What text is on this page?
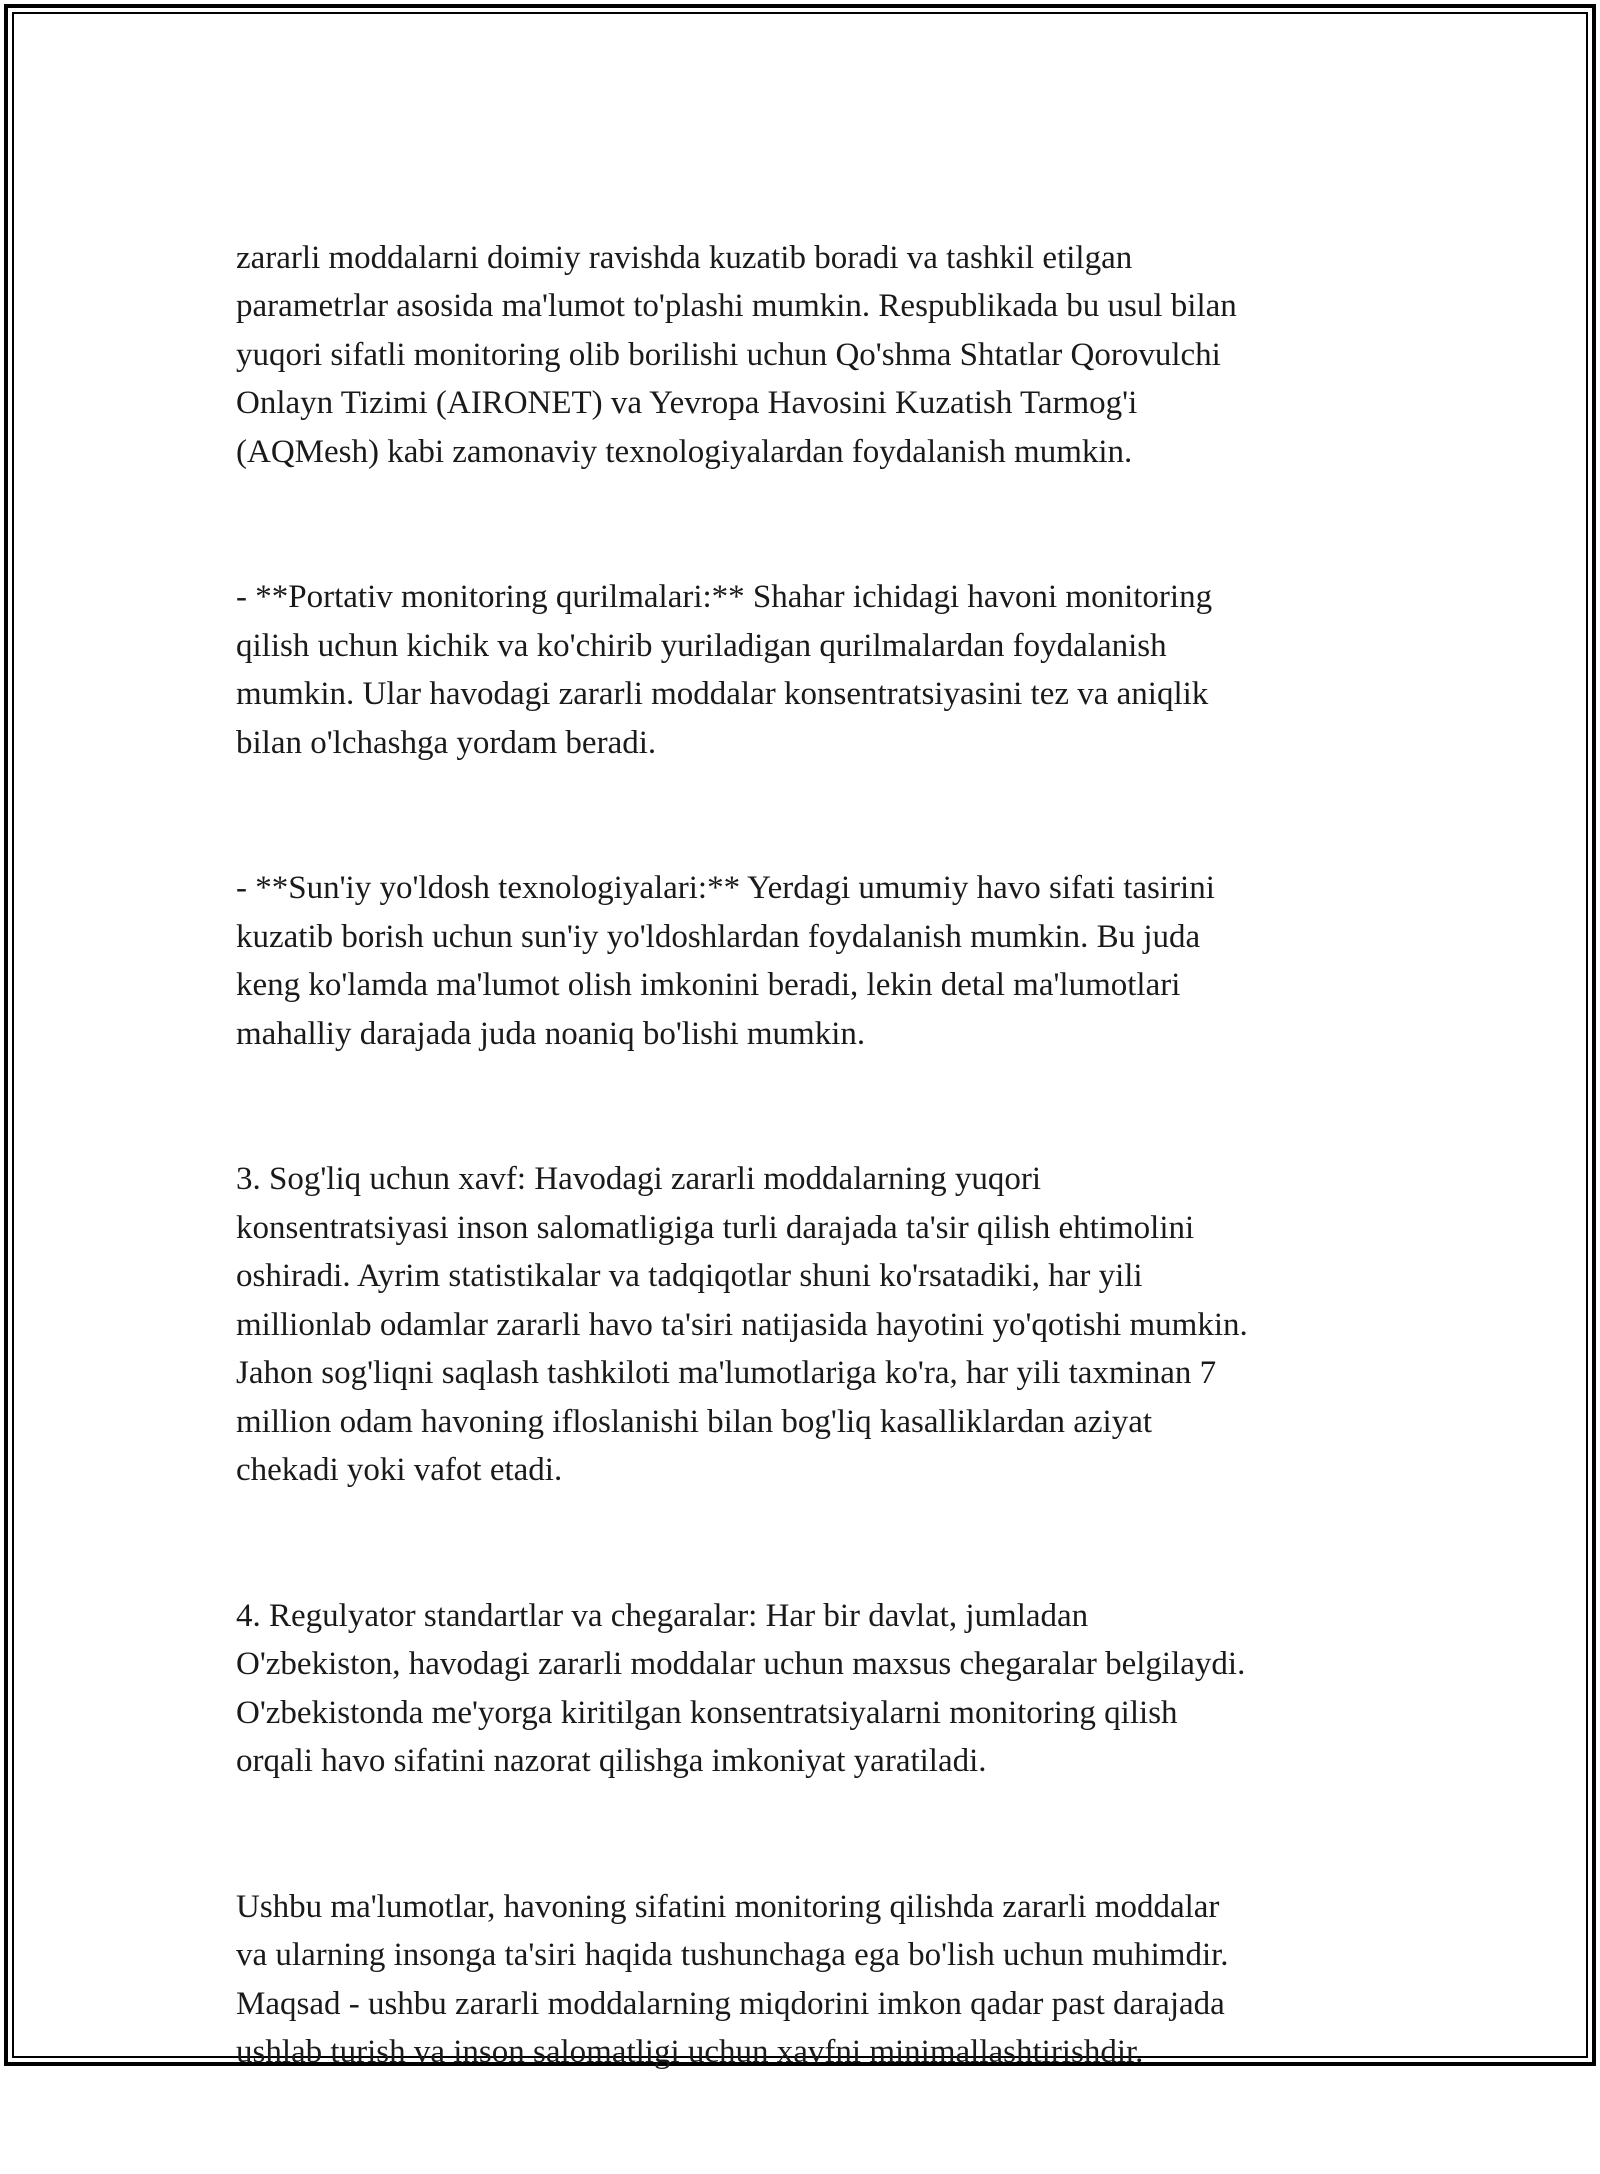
zararli moddalarni doimiy ravishda kuzatib boradi va tashkil etilgan
parametrlar asosida ma'lumot to'plashi mumkin. Respublikada bu usul bilan
yuqori sifatli monitoring olib borilishi uchun Qo'shma Shtatlar Qorovulchi
Onlayn Tizimi (AIRONET) va Yevropa Havosini Kuzatish Tarmog'i
(AQMesh) kabi zamonaviy texnologiyalardan foydalanish mumkin.

- **Portativ monitoring qurilmalari:** Shahar ichidagi havoni monitoring
qilish uchun kichik va ko'chirib yuriladigan qurilmalardan foydalanish
mumkin. Ular havodagi zararli moddalar konsentratsiyasini tez va aniqlik
bilan o'lchashga yordam beradi.

- **Sun'iy yo'ldosh texnologiyalari:** Yerdagi umumiy havo sifati tasirini
kuzatib borish uchun sun'iy yo'ldoshlardan foydalanish mumkin. Bu juda
keng ko'lamda ma'lumot olish imkonini beradi, lekin detal ma'lumotlari
mahalliy darajada juda noaniq bo'lishi mumkin.

3. Sog'liq uchun xavf: Havodagi zararli moddalarning yuqori
konsentratsiyasi inson salomatligiga turli darajada ta'sir qilish ehtimolini
oshiradi. Ayrim statistikalar va tadqiqotlar shuni ko'rsatadiki, har yili
millionlab odamlar zararli havo ta'siri natijasida hayotini yo'qotishi mumkin.
Jahon sog'liqni saqlash tashkiloti ma'lumotlariga ko'ra, har yili taxminan 7
million odam havoning ifloslanishi bilan bog'liq kasalliklardan aziyat
chekadi yoki vafot etadi.

4. Regulyator standartlar va chegaralar: Har bir davlat, jumladan
O'zbekiston, havodagi zararli moddalar uchun maxsus chegaralar belgilaydi.
O'zbekistonda me'yorga kiritilgan konsentratsiyalarni monitoring qilish
orqali havo sifatini nazorat qilishga imkoniyat yaratiladi.

Ushbu ma'lumotlar, havoning sifatini monitoring qilishda zararli moddalar
va ularning insonga ta'siri haqida tushunchaga ega bo'lish uchun muhimdir.
Maqsad - ushbu zararli moddalarning miqdorini imkon qadar past darajada
ushlab turish va inson salomatligi uchun xavfni minimallashtirishdir.
